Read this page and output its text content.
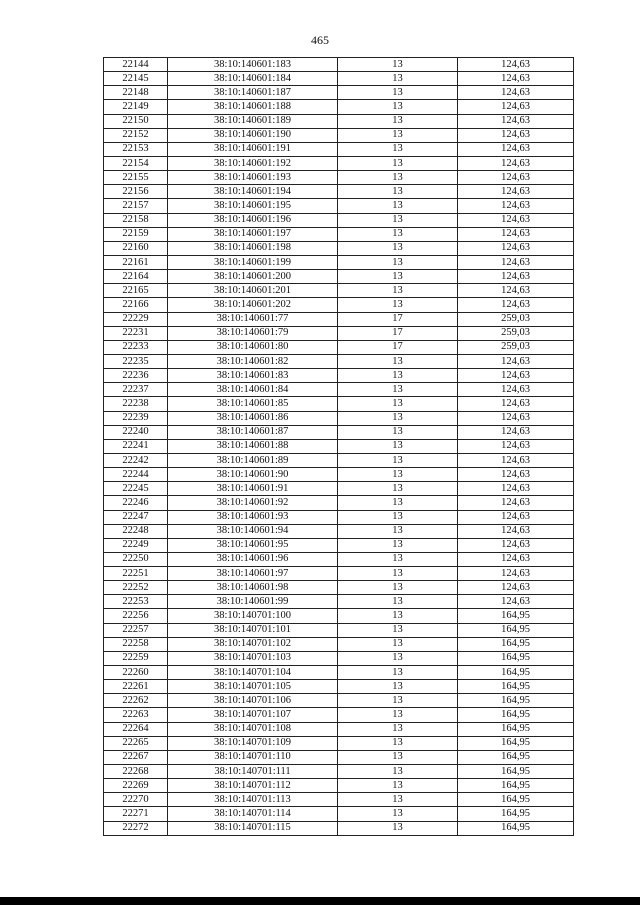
465
22144	38:10:140601:183	13	124,63
22145	38:10:140601:184	13	124,63
22148	38:10:140601:187	13	124,63
22149	38:10:140601:188	13	124,63
22150	38:10:140601:189	13	124,63
22152	38:10:140601:190	13	124,63
22153	38:10:140601:191	13	124,63
22154	38:10:140601:192	13	124,63
22155	38:10:140601:193	13	124,63
22156	38:10:140601:194	13	124,63
22157	38:10:140601:195	13	124,63
22158	38:10:140601:196	13	124,63
22159	38:10:140601:197	13	124,63
22160	38:10:140601:198	13	124,63
22161	38:10:140601:199	13	124,63
22164	38:10:140601:200	13	124,63
22165	38:10:140601:201	13	124,63
22166	38:10:140601:202	13	124,63
22229	38:10:140601:77	17	259,03
22231	38:10:140601:79	17	259,03
22233	38:10:140601:80	17	259,03
22235	38:10:140601:82	13	124,63
22236	38:10:140601:83	13	124,63
22237	38:10:140601:84	13	124,63
22238	38:10:140601:85	13	124,63
22239	38:10:140601:86	13	124,63
22240	38:10:140601:87	13	124,63
22241	38:10:140601:88	13	124,63
22242	38:10:140601:89	13	124,63
22244	38:10:140601:90	13	124,63
22245	38:10:140601:91	13	124,63
22246	38:10:140601:92	13	124,63
22247	38:10:140601:93	13	124,63
22248	38:10:140601:94	13	124,63
22249	38:10:140601:95	13	124,63
22250	38:10:140601:96	13	124,63
22251	38:10:140601:97	13	124,63
22252	38:10:140601:98	13	124,63
22253	38:10:140601:99	13	124,63
22256	38:10:140701:100	13	164,95
22257	38:10:140701:101	13	164,95
22258	38:10:140701:102	13	164,95
22259	38:10:140701:103	13	164,95
22260	38:10:140701:104	13	164,95
22261	38:10:140701:105	13	164,95
22262	38:10:140701:106	13	164,95
22263	38:10:140701:107	13	164,95
22264	38:10:140701:108	13	164,95
22265	38:10:140701:109	13	164,95
22267	38:10:140701:110	13	164,95
22268	38:10:140701:111	13	164,95
22269	38:10:140701:112	13	164,95
22270	38:10:140701:113	13	164,95
22271	38:10:140701:114	13	164,95
22272	38:10:140701:115	13	164,95
